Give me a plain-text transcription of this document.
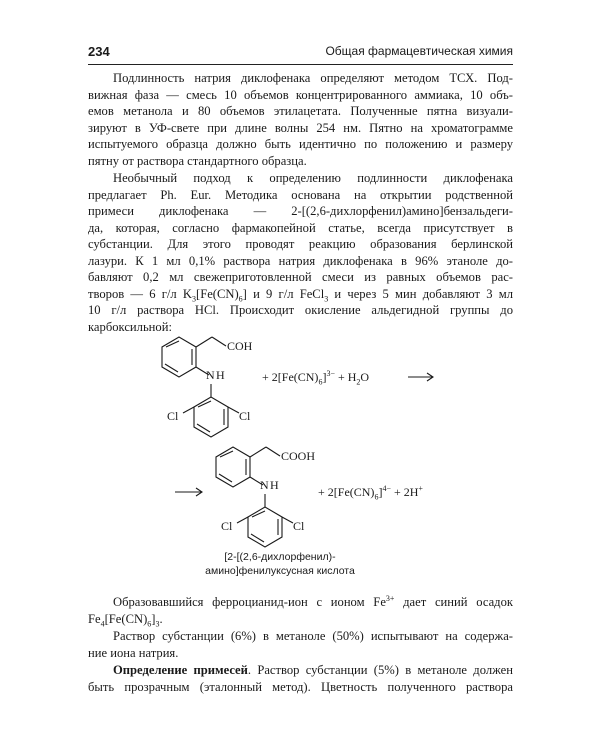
234	Общая фармацевтическая химия
Подлинность натрия диклофенака определяют методом ТСХ. Под-
вижная фаза — смесь 10 объемов концентрированного аммиака, 10 объ-
емов метанола и 80 объемов этилацетата. Полученные пятна визуали-
зируют в УФ-свете при длине волны 254 нм. Пятно на хроматограмме
испытуемого образца должно быть идентично по положению и размеру
пятну от раствора стандартного образца.
Необычный подход к определению подлинности диклофенака
предлагает Ph. Eur. Методика основана на открытии родственной
примеси диклофенака — 2-[(2,6-дихлорфенил)амино]бензальдеги-
да, которая, согласно фармакопейной статье, всегда присутствует в
субстанции. Для этого проводят реакцию образования берлинской
лазури. К 1 мл 0,1% раствора натрия диклофенака в 96% этаноле до-
бавляют 0,2 мл свежеприготовленной смеси из равных объемов рас-
творов — 6 г/л $K_3[Fe(CN)_6]$ и 9 г/л FeCl$_3$ и через 5 мин добавляют 3 мл
10 г/л раствора HCl. Происходит окисление альдегидной группы до
карбоксильной:
COH
N H
Cl	Cl
+ $2[Fe(CN)_6]^{3-} + H_2O$
COOH
N H
Cl	Cl
+ $2[Fe(CN)_6]^{4-} + 2H^+$
[2-[(2,6-дихлорфенил)-
амино]фенилуксусная кислота
Образовавшийся ферроцианид-ион с ионом $Fe^{3+}$ дает синий осадок
$Fe_4[Fe(CN)_6]_3$.
Раствор субстанции (6%) в метаноле (50%) испытывают на содержа-
ние иона натрия.
Определение примесей. Раствор субстанции (5%) в метаноле должен
быть прозрачным (эталонный метод). Цветность полученного раствора
